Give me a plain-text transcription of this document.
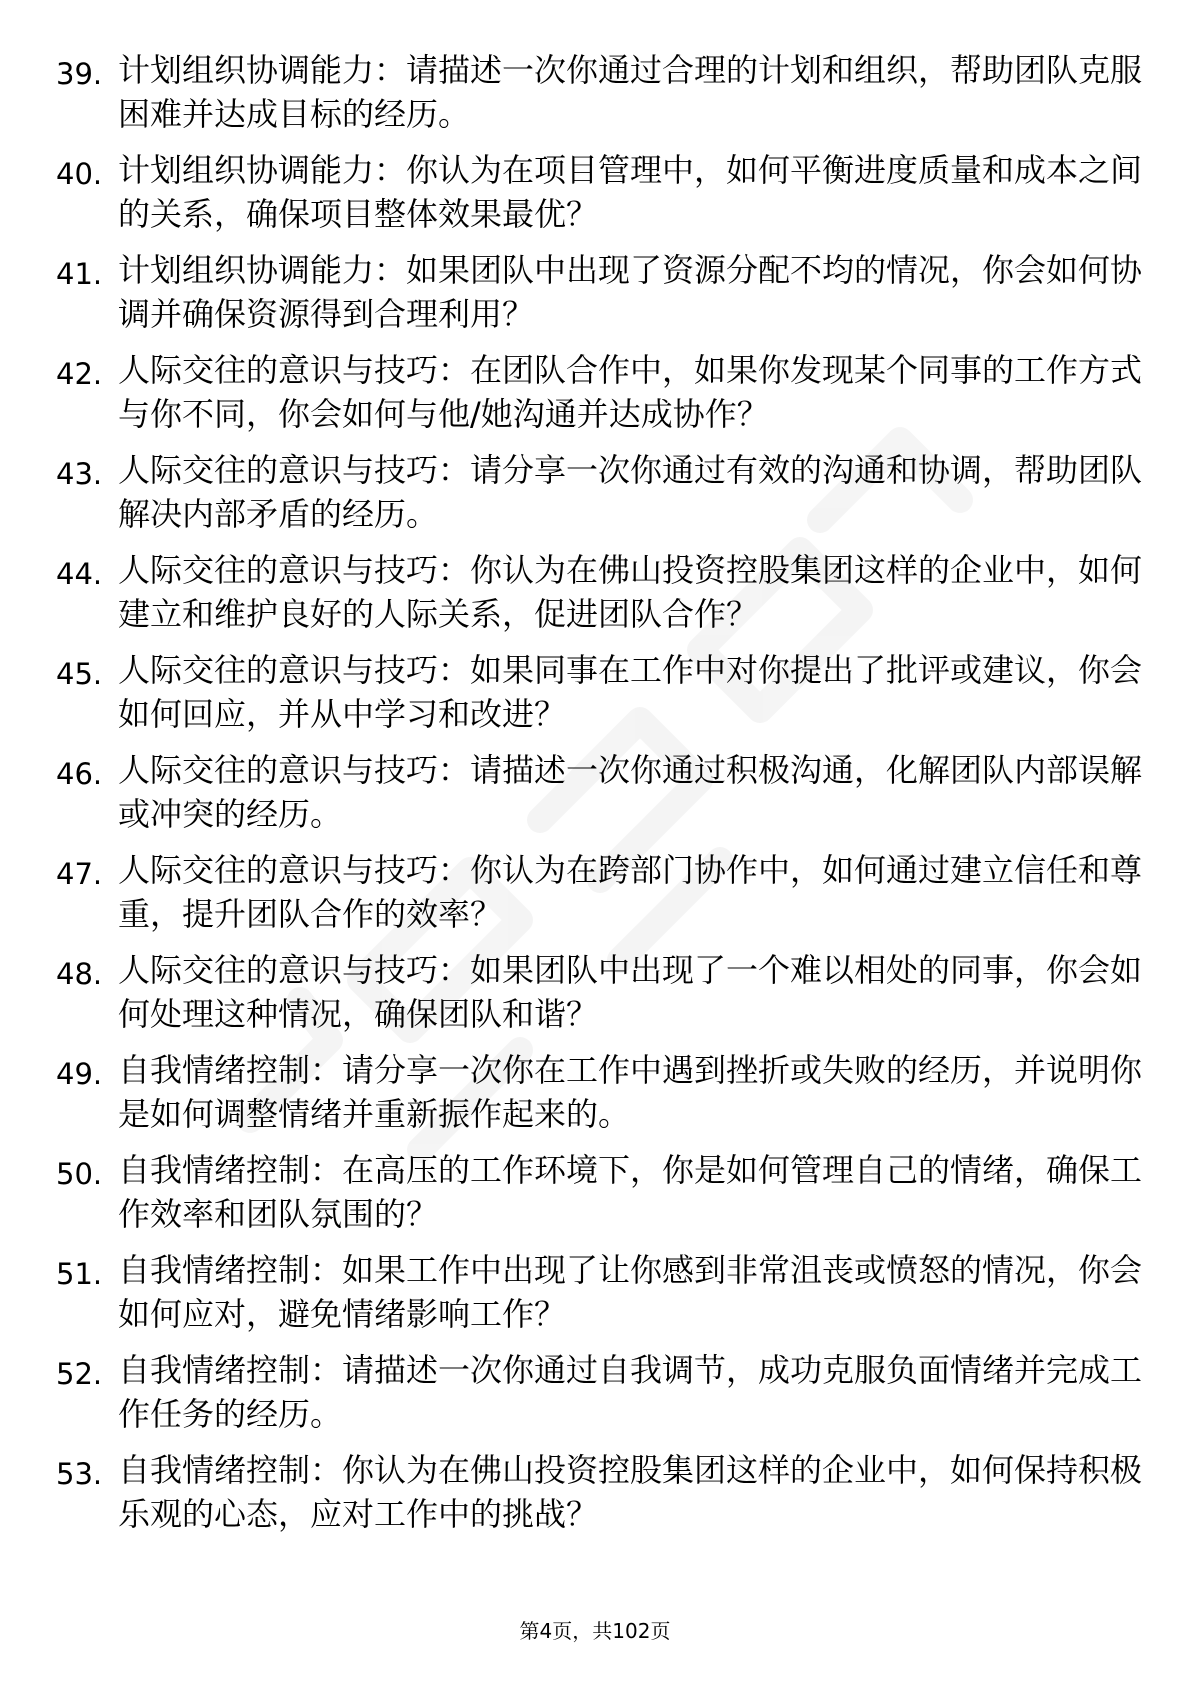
39. 计划组织协调能力：请描述一次你通过合理的计划和组织，帮助团队克服困难并达成目标的经历。

40. 计划组织协调能力：你认为在项目管理中，如何平衡进度质量和成本之间的关系，确保项目整体效果最优？

41. 计划组织协调能力：如果团队中出现了资源分配不均的情况，你会如何协调并确保资源得到合理利用？

42. 人际交往的意识与技巧：在团队合作中，如果你发现某个同事的工作方式与你不同，你会如何与他/她沟通并达成协作？

43. 人际交往的意识与技巧：请分享一次你通过有效的沟通和协调，帮助团队解决内部矛盾的经历。

44. 人际交往的意识与技巧：你认为在佛山投资控股集团这样的企业中，如何建立和维护良好的人际关系，促进团队合作？

45. 人际交往的意识与技巧：如果同事在工作中对你提出了批评或建议，你会如何回应，并从中学习和改进？

46. 人际交往的意识与技巧：请描述一次你通过积极沟通，化解团队内部误解或冲突的经历。

47. 人际交往的意识与技巧：你认为在跨部门协作中，如何通过建立信任和尊重，提升团队合作的效率？

48. 人际交往的意识与技巧：如果团队中出现了一个难以相处的同事，你会如何处理这种情况，确保团队和谐？

49. 自我情绪控制：请分享一次你在工作中遇到挫折或失败的经历，并说明你是如何调整情绪并重新振作起来的。

50. 自我情绪控制：在高压的工作环境下，你是如何管理自己的情绪，确保工作效率和团队氛围的？

51. 自我情绪控制：如果工作中出现了让你感到非常沮丧或愤怒的情况，你会如何应对，避免情绪影响工作？

52. 自我情绪控制：请描述一次你通过自我调节，成功克服负面情绪并完成工作任务的经历。

53. 自我情绪控制：你认为在佛山投资控股集团这样的企业中，如何保持积极乐观的心态，应对工作中的挑战？

第4页，共102页
